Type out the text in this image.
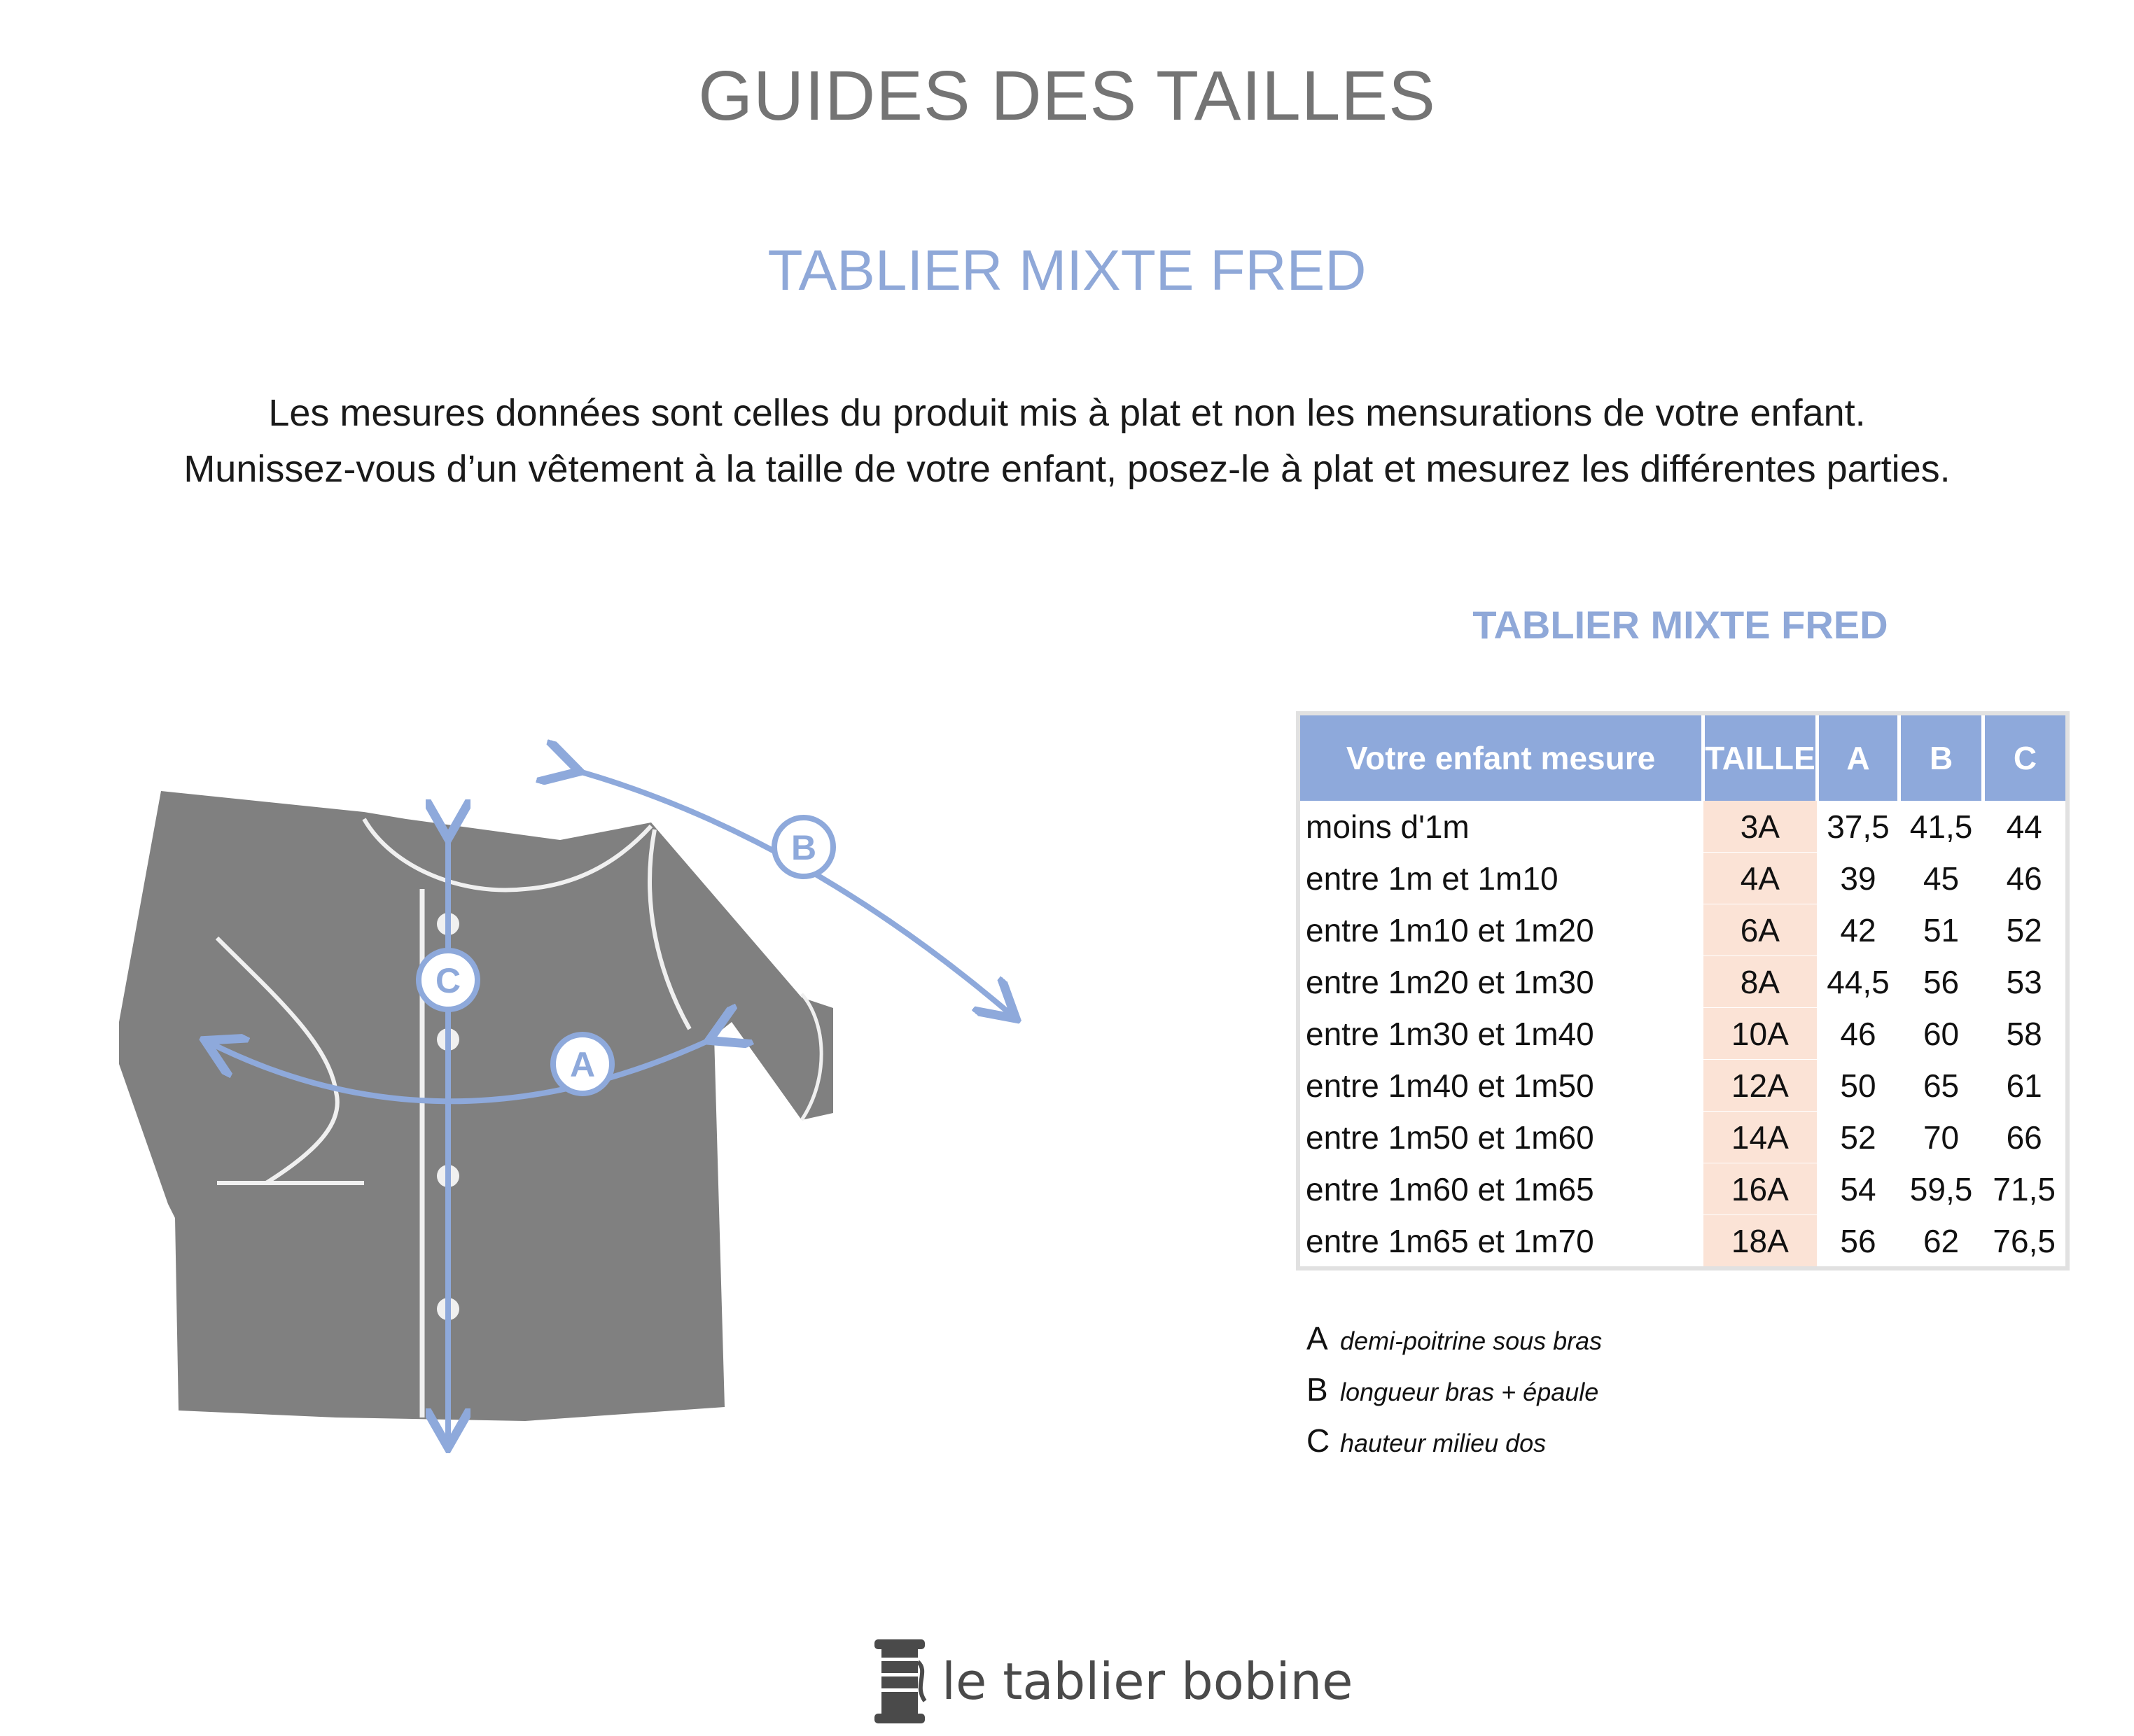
GUIDES DES TAILLES
TABLIER MIXTE FRED

Les mesures données sont celles du produit mis à plat et non les mensurations de votre enfant.

Munissez-vous d’un vêtement à la taille de votre enfant, posez-le à plat et mesurez les différentes parties.

A
B
C
TABLIER MIXTE FRED
Votre enfant mesure	TAILLE	A	B	C
moins d'1m	3A	37,5	41,5	44
entre 1m et 1m10	4A	39	45	46
entre 1m10 et 1m20	6A	42	51	52
entre 1m20 et 1m30	8A	44,5	56	53
entre 1m30 et 1m40	10A	46	60	58
entre 1m40 et 1m50	12A	50	65	61
entre 1m50 et 1m60	14A	52	70	66
entre 1m60 et 1m65	16A	54	59,5	71,5
entre 1m65 et 1m70	18A	56	62	76,5
A demi-poitrine sous bras
B longueur bras + épaule
C hauteur milieu dos
le tablier bobine
